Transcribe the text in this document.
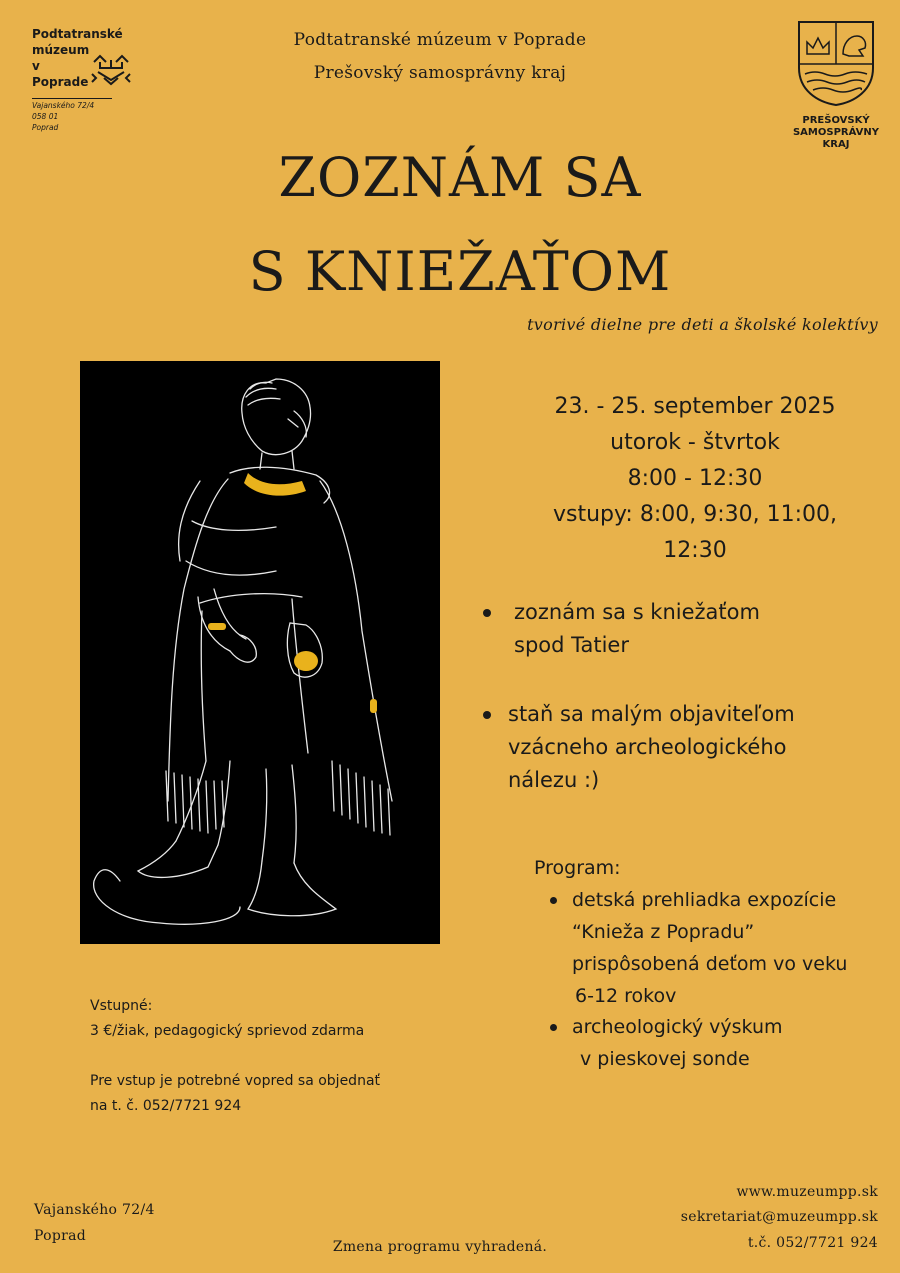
Podtatranské
múzeum
v
Poprade
Vajanského 72/4
058 01
Poprad
Podtatranské múzeum v Poprade
Prešovský samosprávny kraj
PREŠOVSKÝ
SAMOSPRÁVNY
KRAJ
ZOZNÁM SA
S KNIEŽAŤOM
tvorivé dielne pre deti a školské kolektívy
23. - 25. september 2025
utorok - štvrtok
8:00 - 12:30
vstupy: 8:00, 9:30, 11:00, 12:30
zoznám sa s kniežaťom
spod Tatier
staň sa malým objaviteľom
vzácneho archeologického
nálezu :)
Program:
detská prehliadka expozície
“Knieža z Popradu”
prispôsobená deťom vo veku
6-12 rokov
archeologický výskum
v pieskovej sonde
Vstupné:
3 €/žiak, pedagogický sprievod zdarma
Pre vstup je potrebné vopred sa objednať
na t. č. 052/7721 924
Vajanského 72/4
Poprad
Zmena programu vyhradená.
www.muzeumpp.sk
sekretariat@muzeumpp.sk
t.č. 052/7721 924
